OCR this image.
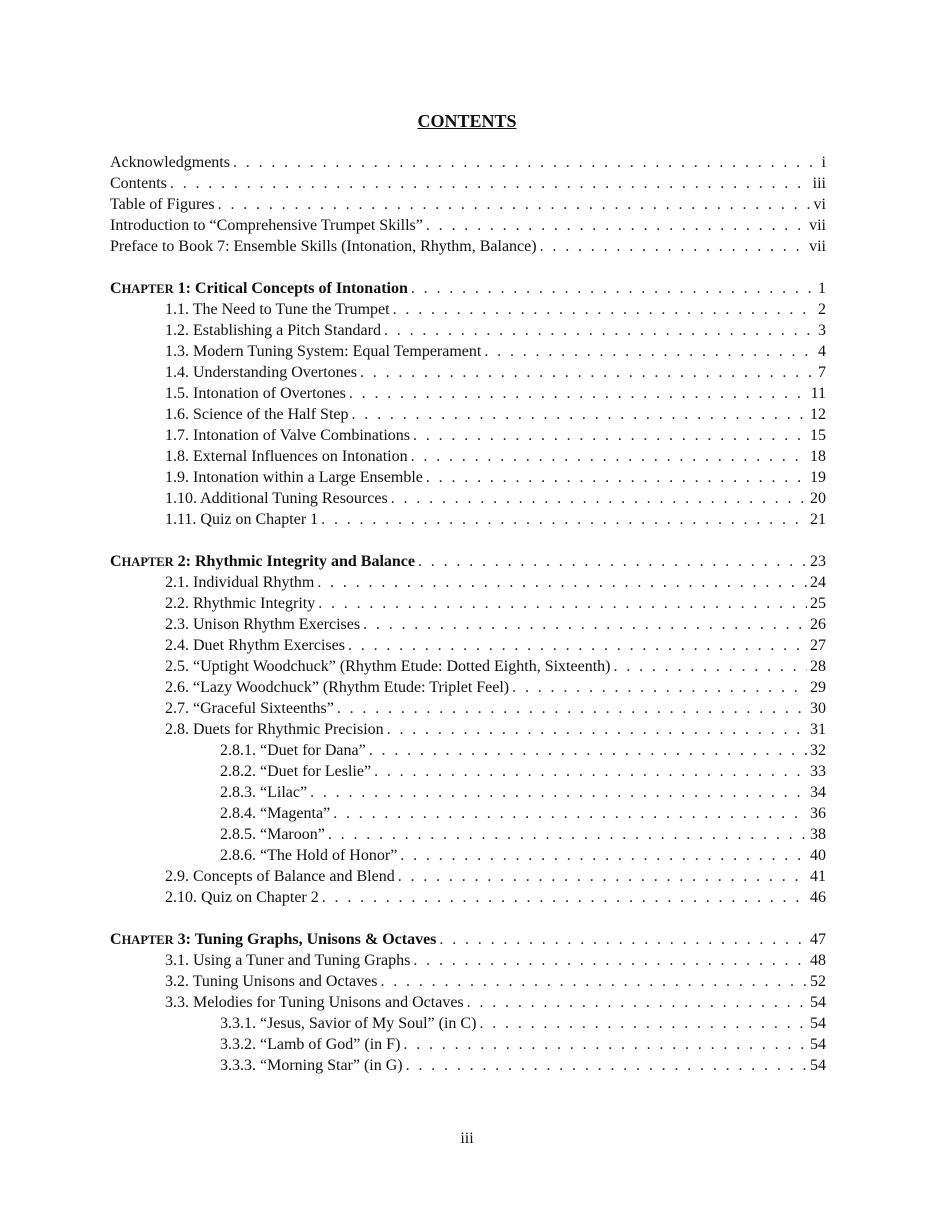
CONTENTS
Acknowledgments . . .	i
Contents . . .	iii
Table of Figures . . .	vi
Introduction to “Comprehensive Trumpet Skills” . . .	vii
Preface to Book 7: Ensemble Skills (Intonation, Rhythm, Balance) . . .	vii
CHAPTER 1: Critical Concepts of Intonation . . .	1
1.1. The Need to Tune the Trumpet . . .	2
1.2. Establishing a Pitch Standard . . .	3
1.3. Modern Tuning System: Equal Temperament . . .	4
1.4. Understanding Overtones . . .	7
1.5. Intonation of Overtones . . .	11
1.6. Science of the Half Step . . .	12
1.7. Intonation of Valve Combinations . . .	15
1.8. External Influences on Intonation . . .	18
1.9. Intonation within a Large Ensemble . . .	19
1.10. Additional Tuning Resources . . .	20
1.11. Quiz on Chapter 1 . . .	21
CHAPTER 2: Rhythmic Integrity and Balance . . .	23
2.1. Individual Rhythm . . .	24
2.2. Rhythmic Integrity . . .	25
2.3. Unison Rhythm Exercises . . .	26
2.4. Duet Rhythm Exercises . . .	27
2.5. “Uptight Woodchuck” (Rhythm Etude: Dotted Eighth, Sixteenth) . . .	28
2.6. “Lazy Woodchuck” (Rhythm Etude: Triplet Feel) . . .	29
2.7. “Graceful Sixteenths” . . .	30
2.8. Duets for Rhythmic Precision . . .	31
2.8.1. “Duet for Dana” . . .	32
2.8.2. “Duet for Leslie” . . .	33
2.8.3. “Lilac” . . .	34
2.8.4. “Magenta” . . .	36
2.8.5. “Maroon” . . .	38
2.8.6. “The Hold of Honor” . . .	40
2.9. Concepts of Balance and Blend . . .	41
2.10. Quiz on Chapter 2 . . .	46
CHAPTER 3: Tuning Graphs, Unisons & Octaves . . .	47
3.1. Using a Tuner and Tuning Graphs . . .	48
3.2. Tuning Unisons and Octaves . . .	52
3.3. Melodies for Tuning Unisons and Octaves . . .	54
3.3.1. “Jesus, Savior of My Soul” (in C) . . .	54
3.3.2. “Lamb of God” (in F) . . .	54
3.3.3. “Morning Star” (in G) . . .	54
iii
